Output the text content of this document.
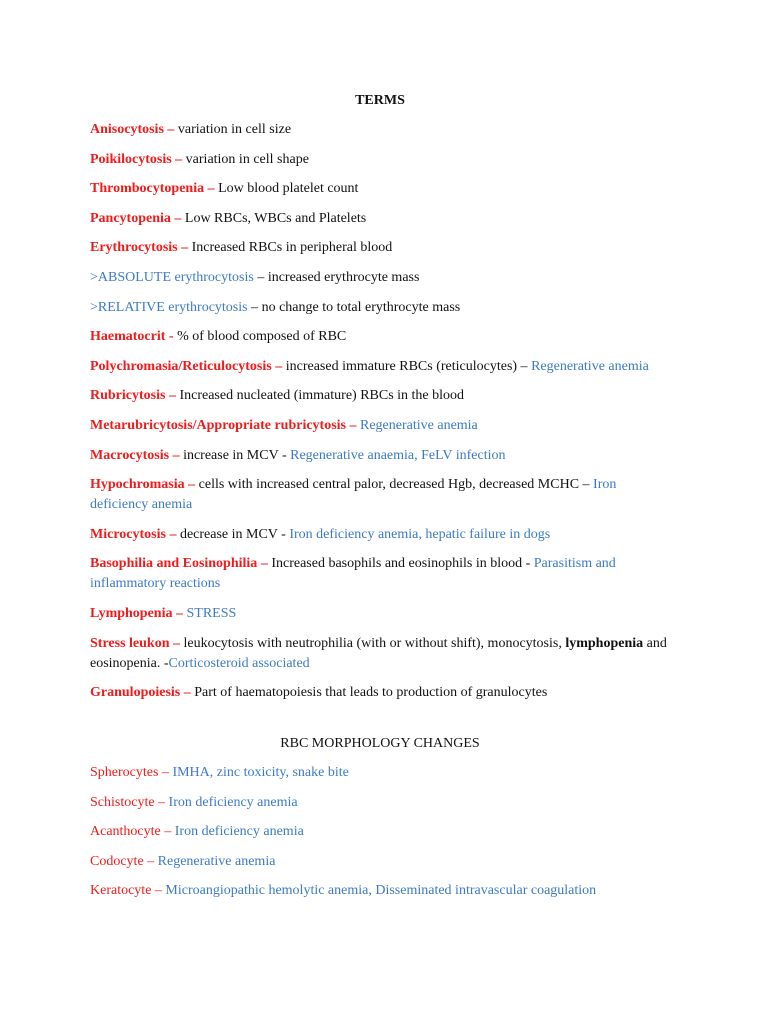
TERMS
Anisocytosis – variation in cell size
Poikilocytosis – variation in cell shape
Thrombocytopenia – Low blood platelet count
Pancytopenia – Low RBCs, WBCs and Platelets
Erythrocytosis – Increased RBCs in peripheral blood
>ABSOLUTE erythrocytosis – increased erythrocyte mass
>RELATIVE erythrocytosis – no change to total erythrocyte mass
Haematocrit - % of blood composed of RBC
Polychromasia/Reticulocytosis – increased immature RBCs (reticulocytes) – Regenerative anemia
Rubricytosis – Increased nucleated (immature) RBCs in the blood
Metarubricytosis/Appropriate rubricytosis – Regenerative anemia
Macrocytosis – increase in MCV - Regenerative anaemia, FeLV infection
Hypochromasia – cells with increased central palor, decreased Hgb, decreased MCHC – Iron deficiency anemia
Microcytosis – decrease in MCV - Iron deficiency anemia, hepatic failure in dogs
Basophilia and Eosinophilia – Increased basophils and eosinophils in blood - Parasitism and inflammatory reactions
Lymphopenia – STRESS
Stress leukon – leukocytosis with neutrophilia (with or without shift), monocytosis, lymphopenia and eosinopenia. -Corticosteroid associated
Granulopoiesis – Part of haematopoiesis that leads to production of granulocytes
RBC MORPHOLOGY CHANGES
Spherocytes – IMHA, zinc toxicity, snake bite
Schistocyte – Iron deficiency anemia
Acanthocyte – Iron deficiency anemia
Codocyte – Regenerative anemia
Keratocyte – Microangiopathic hemolytic anemia, Disseminated intravascular coagulation
